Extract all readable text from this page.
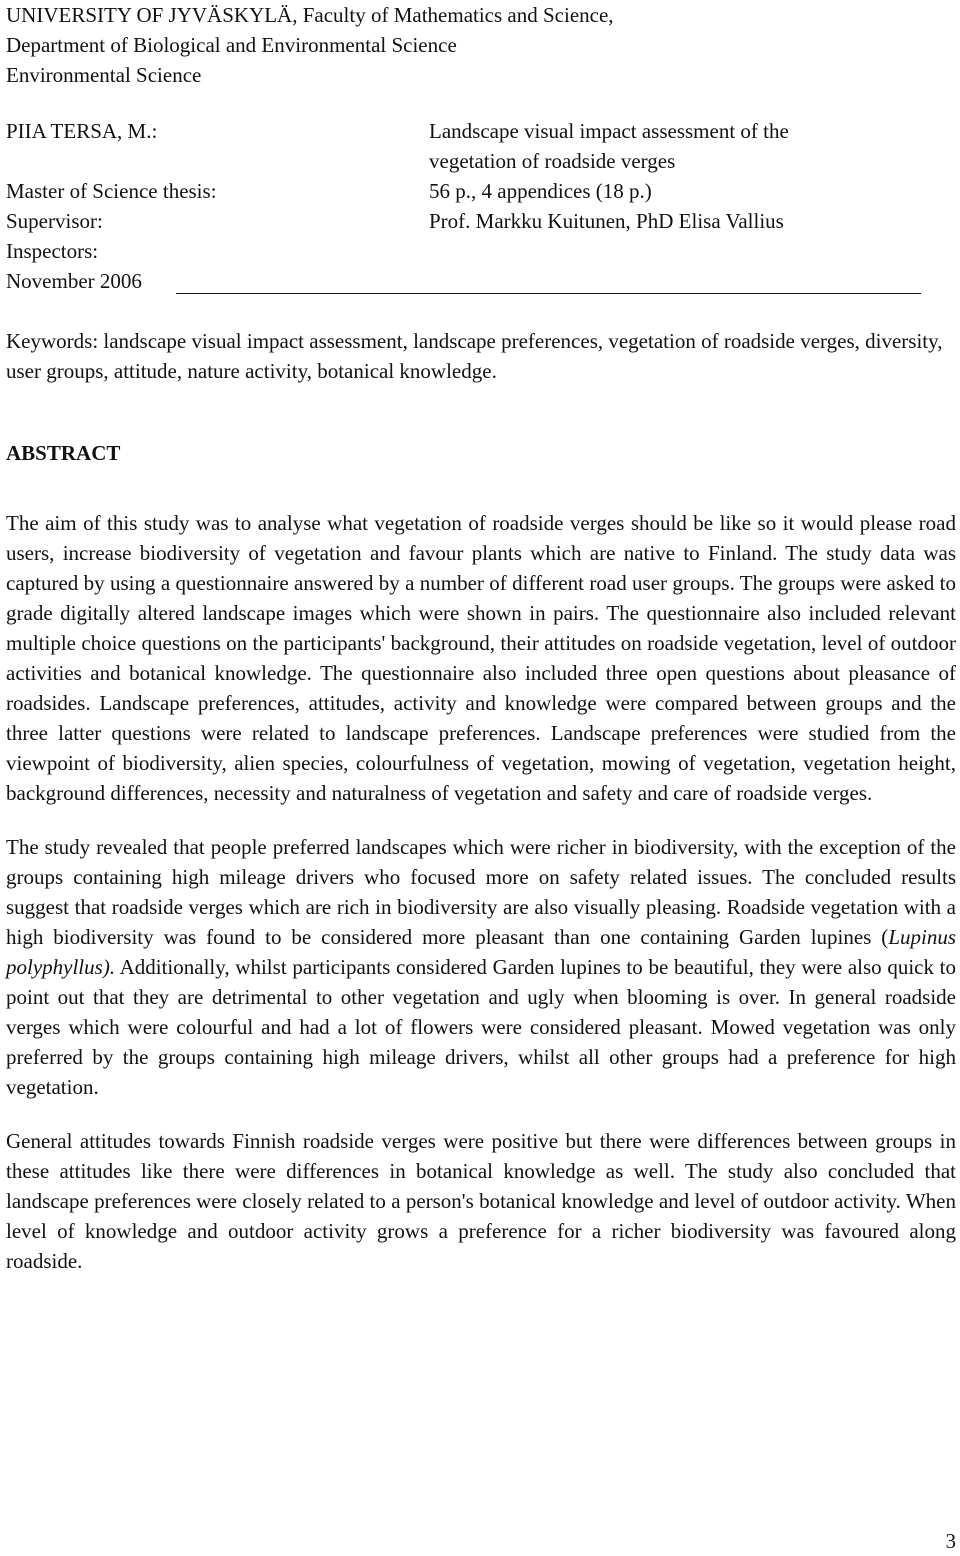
UNIVERSITY OF JYVÄSKYLÄ, Faculty of Mathematics and Science,
Department of Biological and Environmental Science
Environmental Science
PIIA TERSA, M.:	Landscape visual impact assessment of the
vegetation of roadside verges
Master of Science thesis:	56 p., 4 appendices (18 p.)
Supervisor:	Prof. Markku Kuitunen, PhD Elisa Vallius
Inspectors:
November 2006
Keywords: landscape visual impact assessment, landscape preferences, vegetation of roadside verges, diversity, user groups, attitude, nature activity, botanical knowledge.
ABSTRACT

The aim of this study was to analyse what vegetation of roadside verges should be like so it would please road users, increase biodiversity of vegetation and favour plants which are native to Finland. The study data was captured by using a questionnaire answered by a number of different road user groups. The groups were asked to grade digitally altered landscape images which were shown in pairs. The questionnaire also included relevant multiple choice questions on the participants' background, their attitudes on roadside vegetation, level of outdoor activities and botanical knowledge. The questionnaire also included three open questions about pleasance of roadsides. Landscape preferences, attitudes, activity and knowledge were compared between groups and the three latter questions were related to landscape preferences. Landscape preferences were studied from the viewpoint of biodiversity, alien species, colourfulness of vegetation, mowing of vegetation, vegetation height, background differences, necessity and naturalness of vegetation and safety and care of roadside verges.

The study revealed that people preferred landscapes which were richer in biodiversity, with the exception of the groups containing high mileage drivers who focused more on safety related issues. The concluded results suggest that roadside verges which are rich in biodiversity are also visually pleasing. Roadside vegetation with a high biodiversity was found to be considered more pleasant than one containing Garden lupines (Lupinus polyphyllus). Additionally, whilst participants considered Garden lupines to be beautiful, they were also quick to point out that they are detrimental to other vegetation and ugly when blooming is over. In general roadside verges which were colourful and had a lot of flowers were considered pleasant. Mowed vegetation was only preferred by the groups containing high mileage drivers, whilst all other groups had a preference for high vegetation.

General attitudes towards Finnish roadside verges were positive but there were differences between groups in these attitudes like there were differences in botanical knowledge as well. The study also concluded that landscape preferences were closely related to a person's botanical knowledge and level of outdoor activity. When level of knowledge and outdoor activity grows a preference for a richer biodiversity was favoured along roadside.

3
